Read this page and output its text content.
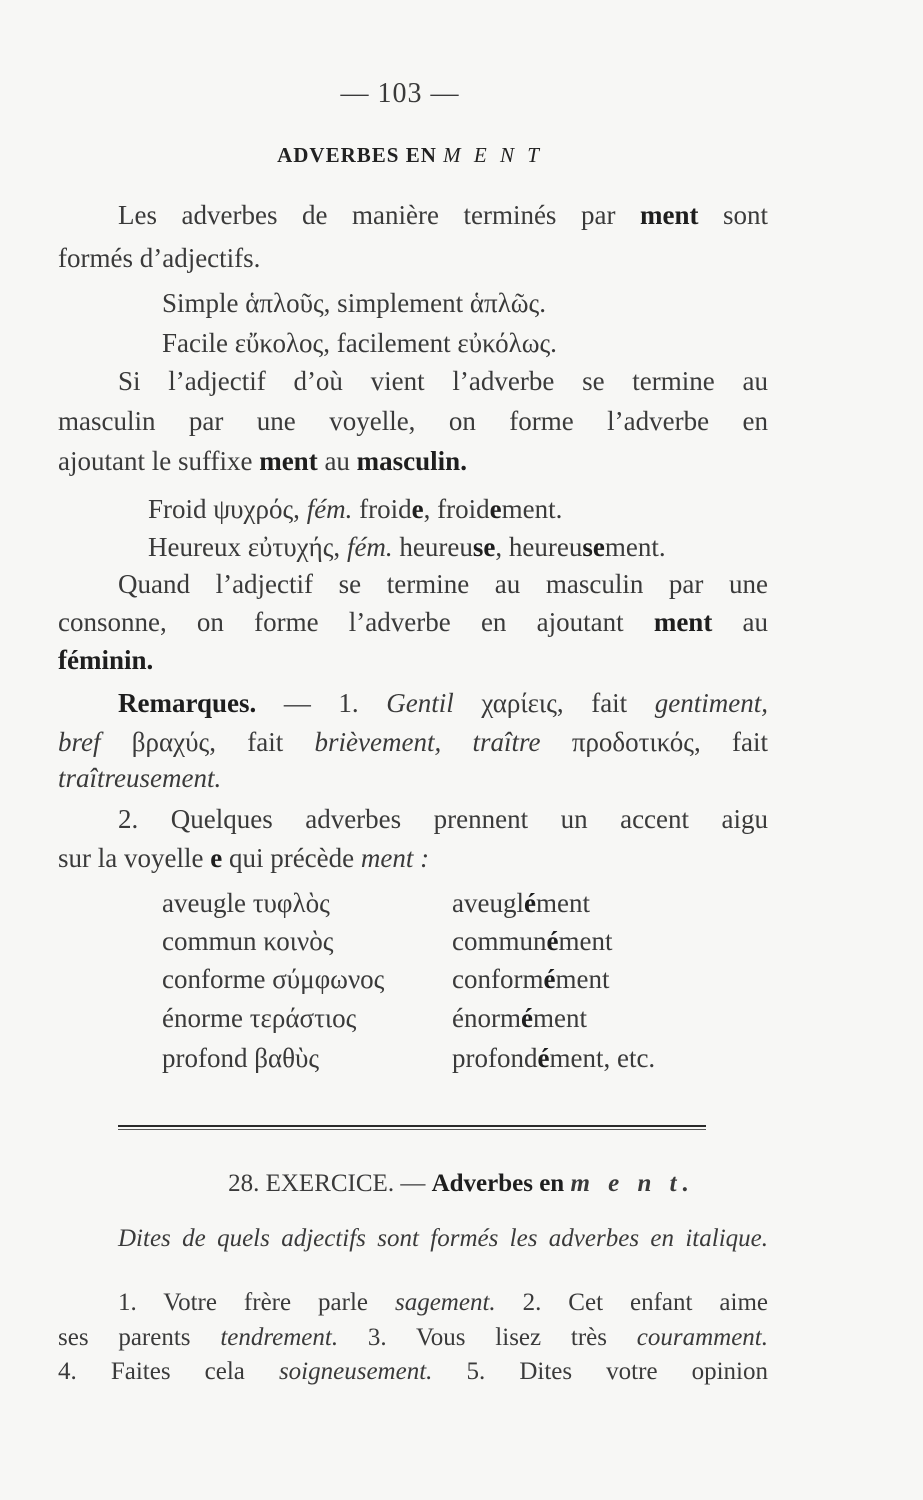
— 103 —
ADVERBES EN M E N T
Les adverbes de manière terminés par ment sont
formés d’adjectifs.
Simple ἁπλοῦς, simplement ἁπλῶς.
Facile εὔκολος, facilement εὐκόλως.
Si l’adjectif d’où vient l’adverbe se termine au
masculin par une voyelle, on forme l’adverbe en
ajoutant le suffixe ment au masculin.
Froid ψυχρός, fém. froide, froidement.
Heureux εὐτυχής, fém. heureuse, heureusement.
Quand l’adjectif se termine au masculin par une
consonne, on forme l’adverbe en ajoutant ment au
féminin.
Remarques. — 1. Gentil χαρίεις, fait gentiment,
bref βραχύς, fait brièvement, traître προδοτικός, fait
traîtreusement.
2. Quelques adverbes prennent un accent aigu
sur la voyelle e qui précède ment :
aveugle τυφλὸς	aveuglément
commun κοινὸς	communément
conforme σύμφωνος	conformément
énorme τεράστιος	énormément
profond βαθὺς	profondément, etc.
28. EXERCICE. — Adverbes en m e n t.
Dites de quels adjectifs sont formés les adverbes en italique.
1. Votre frère parle sagement. 2. Cet enfant aime
ses parents tendrement. 3. Vous lisez très couramment.
4. Faites cela soigneusement. 5. Dites votre opinion
